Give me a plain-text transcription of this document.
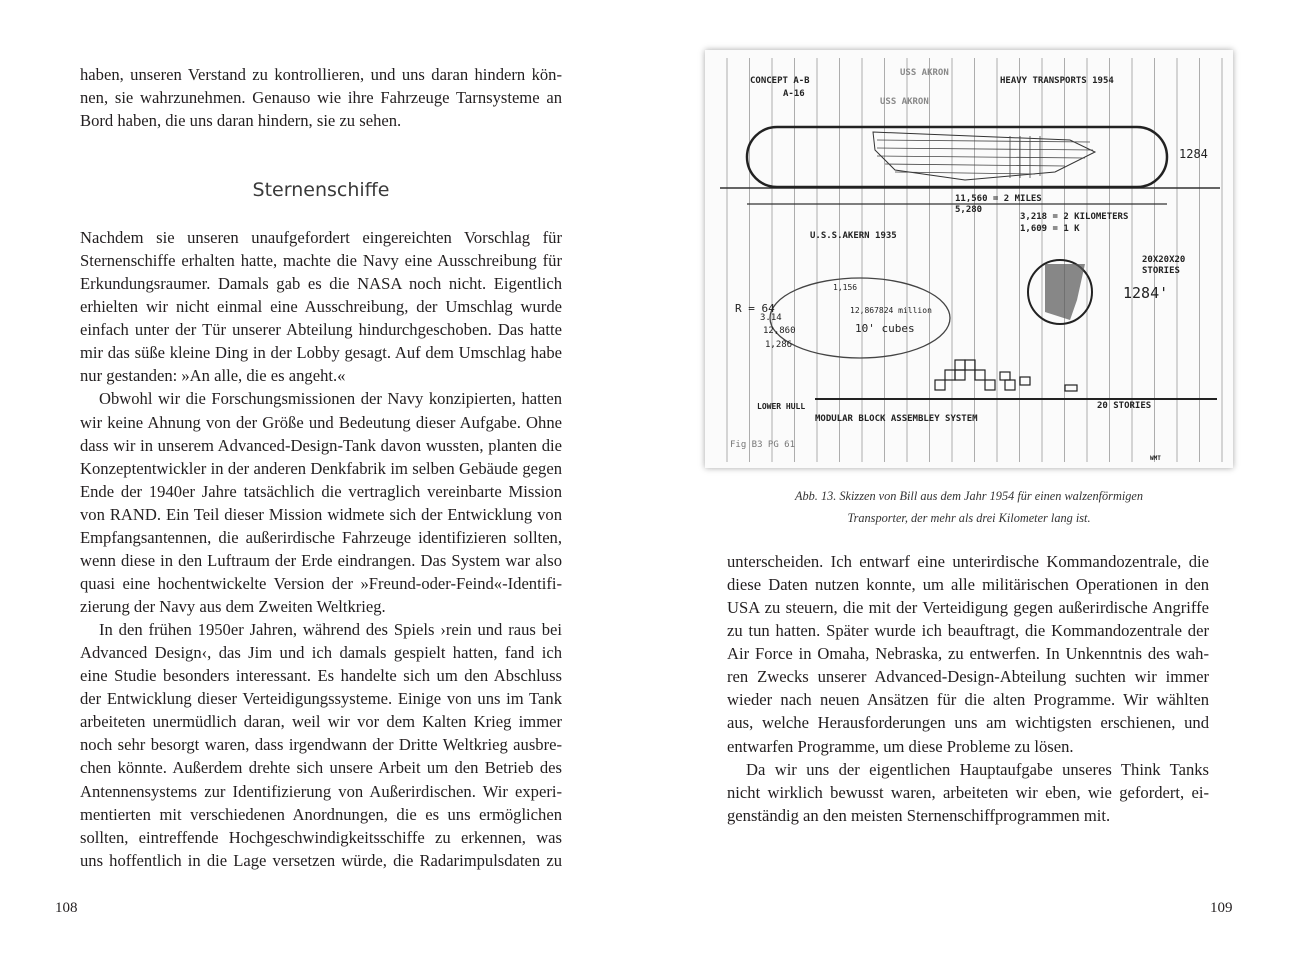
haben, unseren Verstand zu kontrollieren, und uns daran hindern kön-
nen, sie wahrzunehmen. Genauso wie ihre Fahrzeuge Tarnsysteme an
Bord haben, die uns daran hindern, sie zu sehen.
Sternenschiffe
Nachdem sie unseren unaufgefordert eingereichten Vorschlag für
Sternenschiffe erhalten hatte, machte die Navy eine Ausschreibung für
Erkundungsraumer. Damals gab es die NASA noch nicht. Eigentlich
erhielten wir nicht einmal eine Ausschreibung, der Umschlag wurde
einfach unter der Tür unserer Abteilung hindurchgeschoben. Das hatte
mir das süße kleine Ding in der Lobby gesagt. Auf dem Umschlag habe
nur gestanden: »An alle, die es angeht.«
Obwohl wir die Forschungsmissionen der Navy konzipierten, hatten
wir keine Ahnung von der Größe und Bedeutung dieser Aufgabe. Ohne
dass wir in unserem Advanced-Design-Tank davon wussten, planten die
Konzeptentwickler in der anderen Denkfabrik im selben Gebäude gegen
Ende der 1940er Jahre tatsächlich die vertraglich vereinbarte Mission
von RAND. Ein Teil dieser Mission widmete sich der Entwicklung von
Empfangsantennen, die außerirdische Fahrzeuge identifizieren sollten,
wenn diese in den Luftraum der Erde eindrangen. Das System war also
quasi eine hochentwickelte Version der »Freund-oder-Feind«-Identifi-
zierung der Navy aus dem Zweiten Weltkrieg.
In den frühen 1950er Jahren, während des Spiels ›rein und raus bei
Advanced Design‹, das Jim und ich damals gespielt hatten, fand ich
eine Studie besonders interessant. Es handelte sich um den Abschluss
der Entwicklung dieser Verteidigungssysteme. Einige von uns im Tank
arbeiteten unermüdlich daran, weil wir vor dem Kalten Krieg immer
noch sehr besorgt waren, dass irgendwann der Dritte Weltkrieg ausbre-
chen könnte. Außerdem drehte sich unsere Arbeit um den Betrieb des
Antennensystems zur Identifizierung von Außerirdischen. Wir experi-
mentierten mit verschiedenen Anordnungen, die es uns ermöglichen
sollten, eintreffende Hochgeschwindigkeitsschiffe zu erkennen, was
uns hoffentlich in die Lage versetzen würde, die Radarimpulsdaten zu
108
CONCEPT A-B
A-16
USS AKRON
USS AKRON
HEAVY TRANSPORTS 1954
1284
11,560 = 2 MILES
5,280
3,218 = 2 KILOMETERS
1,609 = 1 K
U.S.S.AKERN 1935
20X20X20
STORIES
1284'
12,867824 million
10' cubes
1,156
R = 64
3.14
12,860
1,286
LOWER HULL
MODULAR BLOCK ASSEMBLEY SYSTEM
20 STORIES
Fig B3 PG 61
WMT
Abb. 13. Skizzen von Bill aus dem Jahr 1954 für einen walzenförmigen
Transporter, der mehr als drei Kilometer lang ist.
unterscheiden. Ich entwarf eine unterirdische Kommandozentrale, die
diese Daten nutzen konnte, um alle militärischen Operationen in den
USA zu steuern, die mit der Verteidigung gegen außerirdische Angriffe
zu tun hatten. Später wurde ich beauftragt, die Kommandozentrale der
Air Force in Omaha, Nebraska, zu entwerfen. In Unkenntnis des wah-
ren Zwecks unserer Advanced-Design-Abteilung suchten wir immer
wieder nach neuen Ansätzen für die alten Programme. Wir wählten
aus, welche Herausforderungen uns am wichtigsten erschienen, und
entwarfen Programme, um diese Probleme zu lösen.
Da wir uns der eigentlichen Hauptaufgabe unseres Think Tanks
nicht wirklich bewusst waren, arbeiteten wir eben, wie gefordert, ei-
genständig an den meisten Sternenschiffprogrammen mit.
109
